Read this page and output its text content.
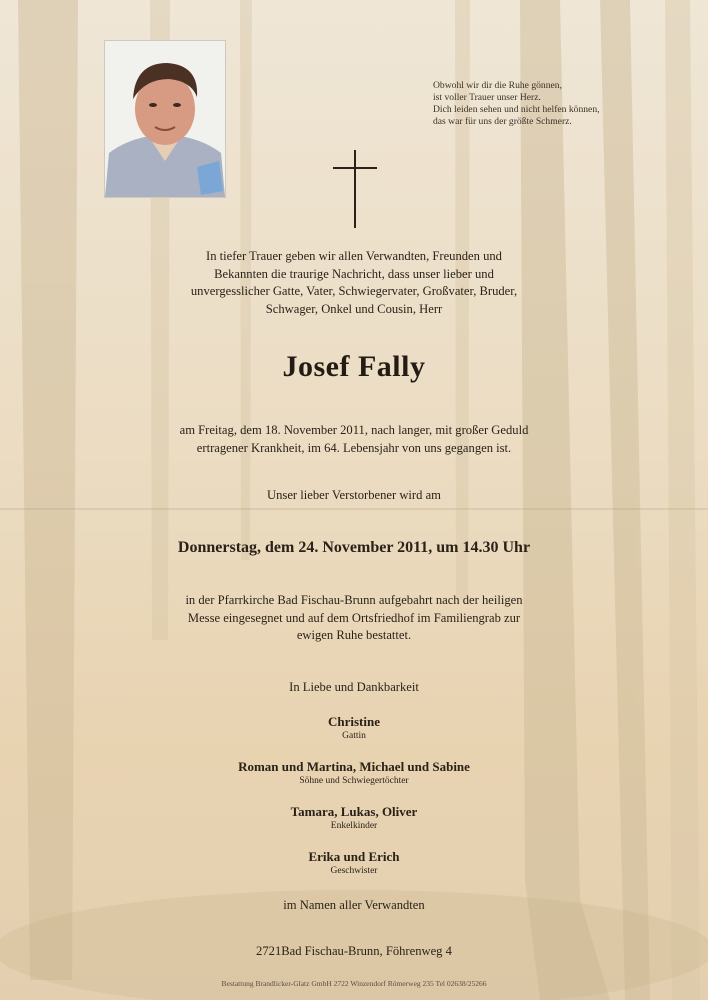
Obwohl wir dir die Ruhe gönnen,
ist voller Trauer unser Herz.
Dich leiden sehen und nicht helfen können,
das war für uns der größte Schmerz.
In tiefer Trauer geben wir allen Verwandten, Freunden und
Bekannten die traurige Nachricht, dass unser lieber und
unvergesslicher Gatte, Vater, Schwiegervater, Großvater, Bruder,
Schwager, Onkel und Cousin, Herr
Josef Fally
am Freitag, dem 18. November 2011, nach langer, mit großer Geduld
ertragener Krankheit, im 64. Lebensjahr von uns gegangen ist.
Unser lieber Verstorbener wird am
Donnerstag, dem 24. November 2011, um 14.30 Uhr
in der Pfarrkirche Bad Fischau-Brunn aufgebahrt nach der heiligen
Messe eingesegnet und auf dem Ortsfriedhof im Familiengrab zur
ewigen Ruhe bestattet.
In Liebe und Dankbarkeit
Christine
Gattin
Roman und Martina, Michael und Sabine
Söhne und Schwiegertöchter
Tamara, Lukas, Oliver
Enkelkinder
Erika und Erich
Geschwister
im Namen aller Verwandten
2721Bad Fischau-Brunn, Föhrenweg 4
Bestattung Brandlicker-Glatz GmbH 2722 Winzendorf Römerweg 235 Tel 02638/25266
